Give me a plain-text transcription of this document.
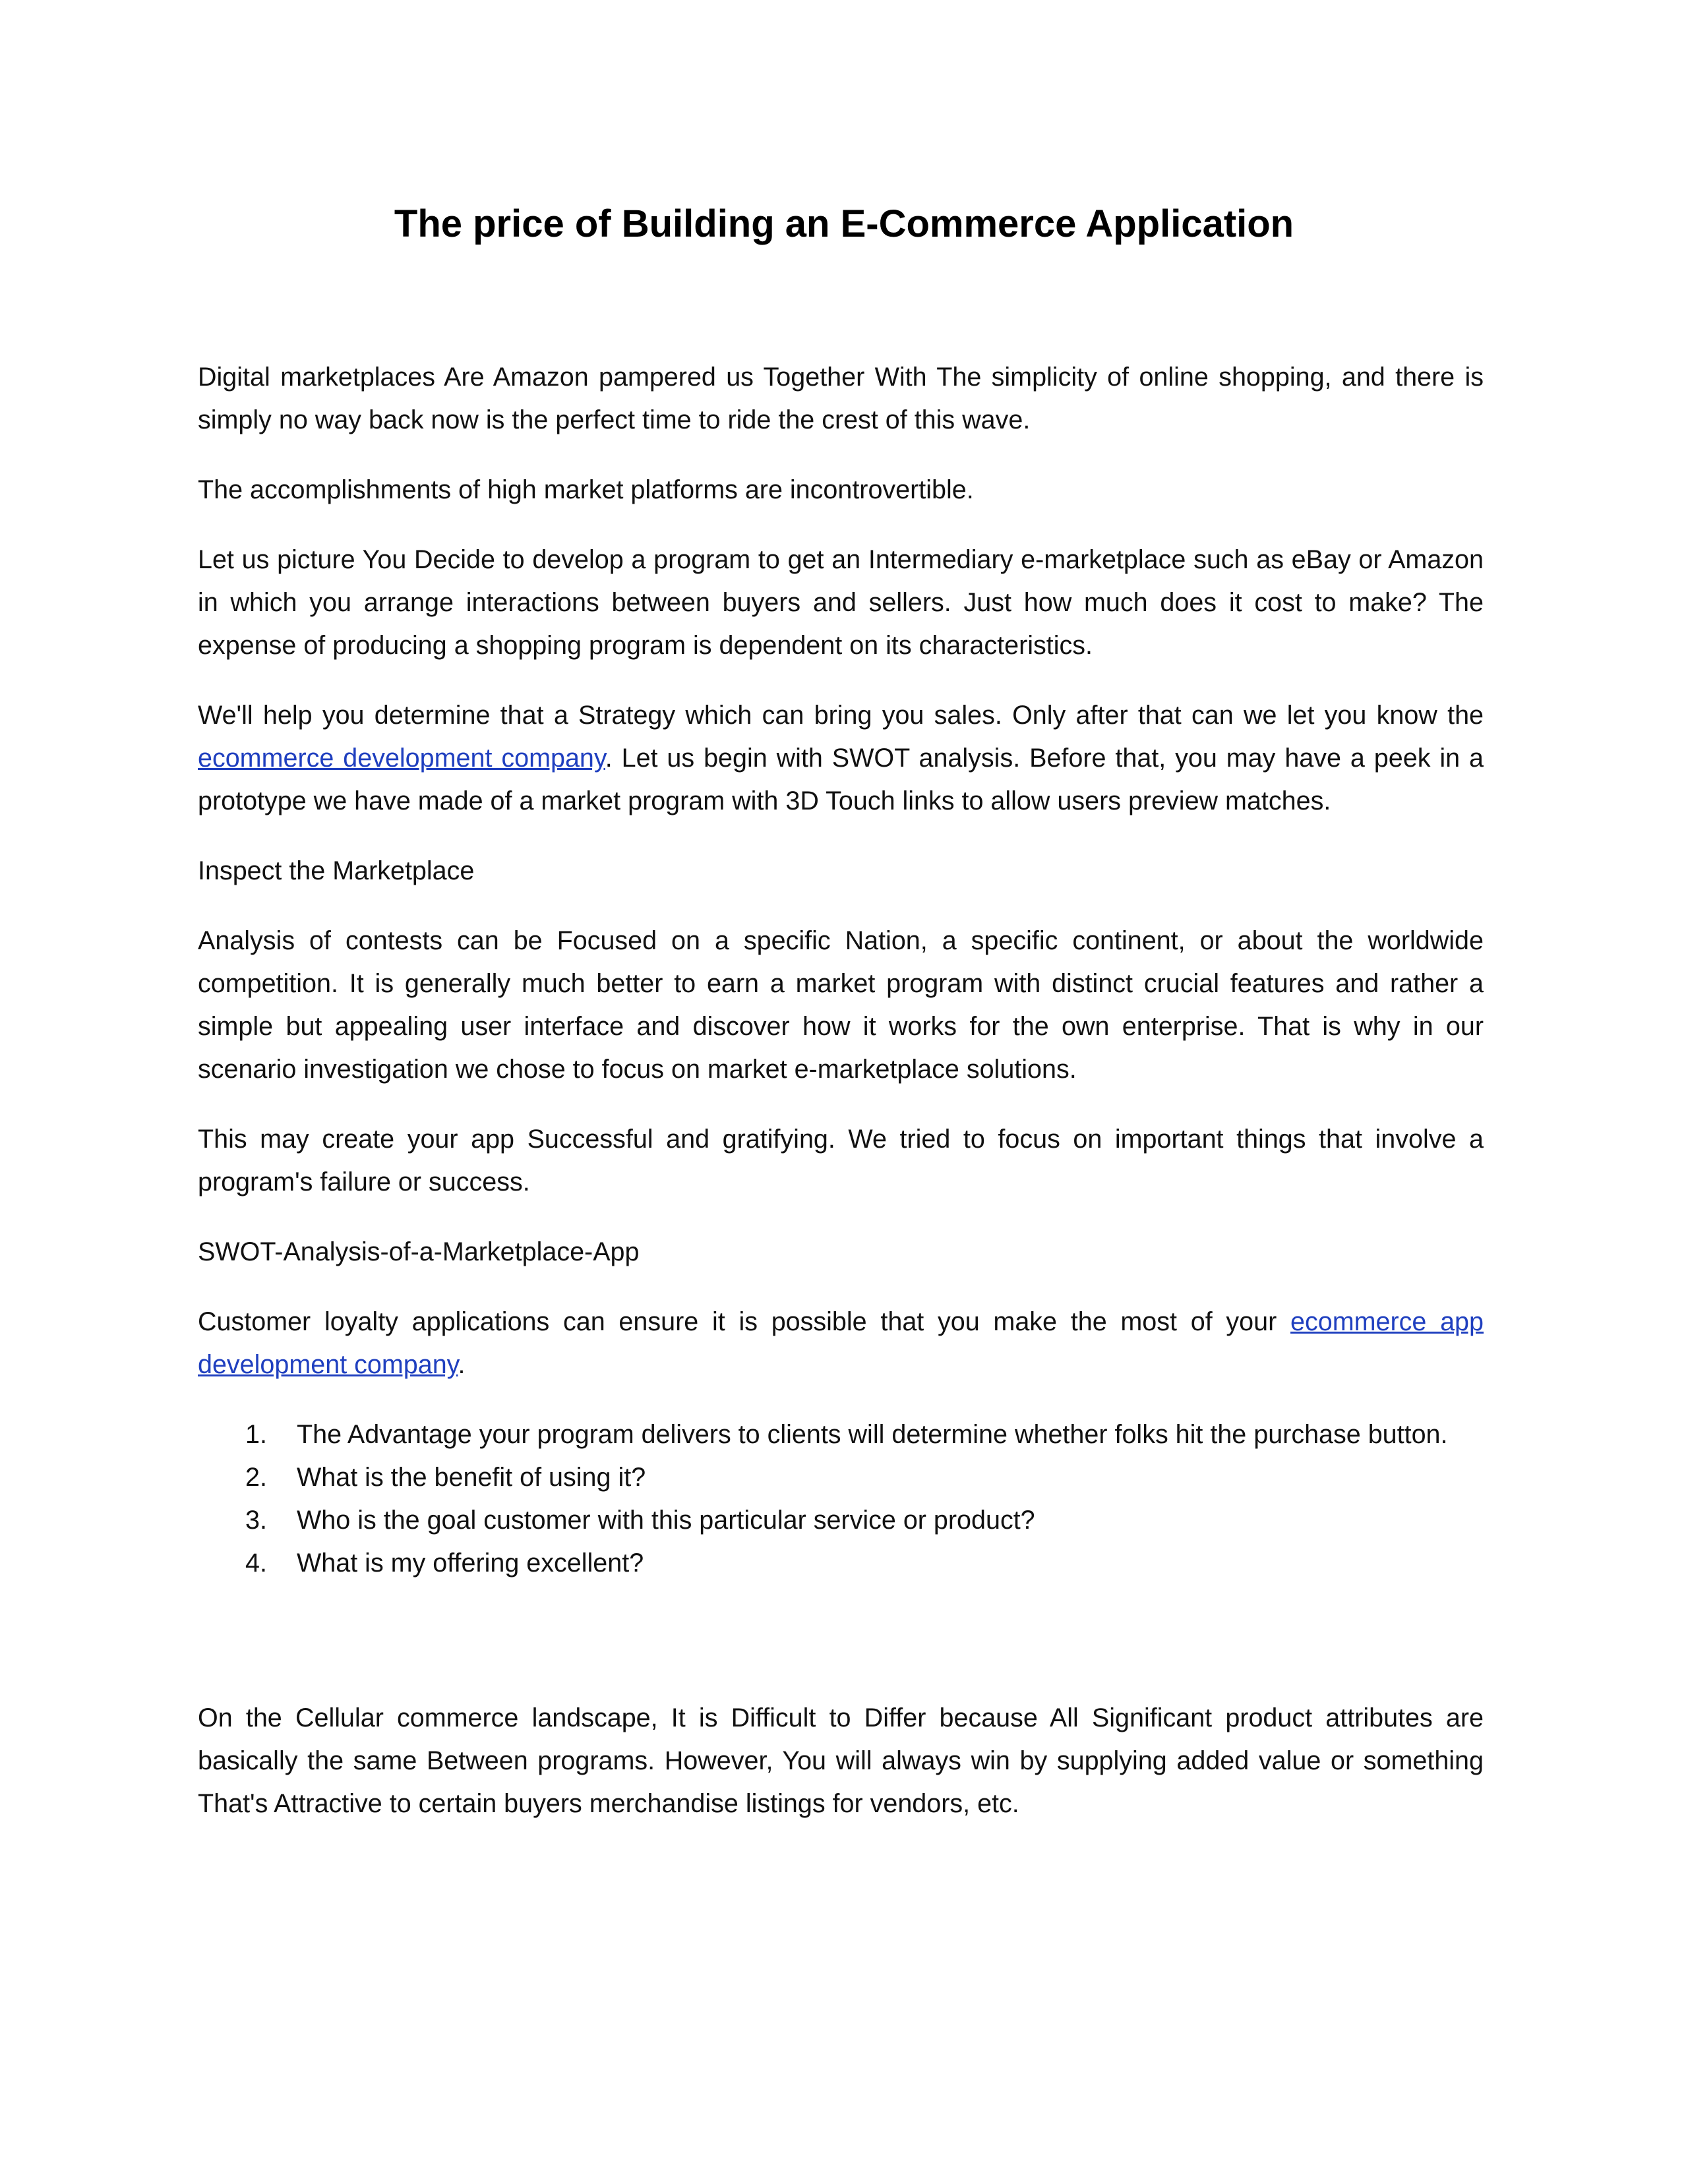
The price of Building an E-Commerce Application

Digital marketplaces Are Amazon pampered us Together With The simplicity of online shopping, and there is simply no way back now is the perfect time to ride the crest of this wave.

The accomplishments of high market platforms are incontrovertible.

Let us picture You Decide to develop a program to get an Intermediary e-marketplace such as eBay or Amazon in which you arrange interactions between buyers and sellers. Just how much does it cost to make? The expense of producing a shopping program is dependent on its characteristics.

We'll help you determine that a Strategy which can bring you sales. Only after that can we let you know the ecommerce development company. Let us begin with SWOT analysis. Before that, you may have a peek in a prototype we have made of a market program with 3D Touch links to allow users preview matches.

Inspect the Marketplace

Analysis of contests can be Focused on a specific Nation, a specific continent, or about the worldwide competition. It is generally much better to earn a market program with distinct crucial features and rather a simple but appealing user interface and discover how it works for the own enterprise. That is why in our scenario investigation we chose to focus on market e-marketplace solutions.

This may create your app Successful and gratifying. We tried to focus on important things that involve a program's failure or success.

SWOT-Analysis-of-a-Marketplace-App

Customer loyalty applications can ensure it is possible that you make the most of your ecommerce app development company.

1. The Advantage your program delivers to clients will determine whether folks hit the purchase button.
2. What is the benefit of using it?
3. Who is the goal customer with this particular service or product?
4. What is my offering excellent?

On the Cellular commerce landscape, It is Difficult to Differ because All Significant product attributes are basically the same Between programs. However, You will always win by supplying added value or something That's Attractive to certain buyers merchandise listings for vendors, etc.
